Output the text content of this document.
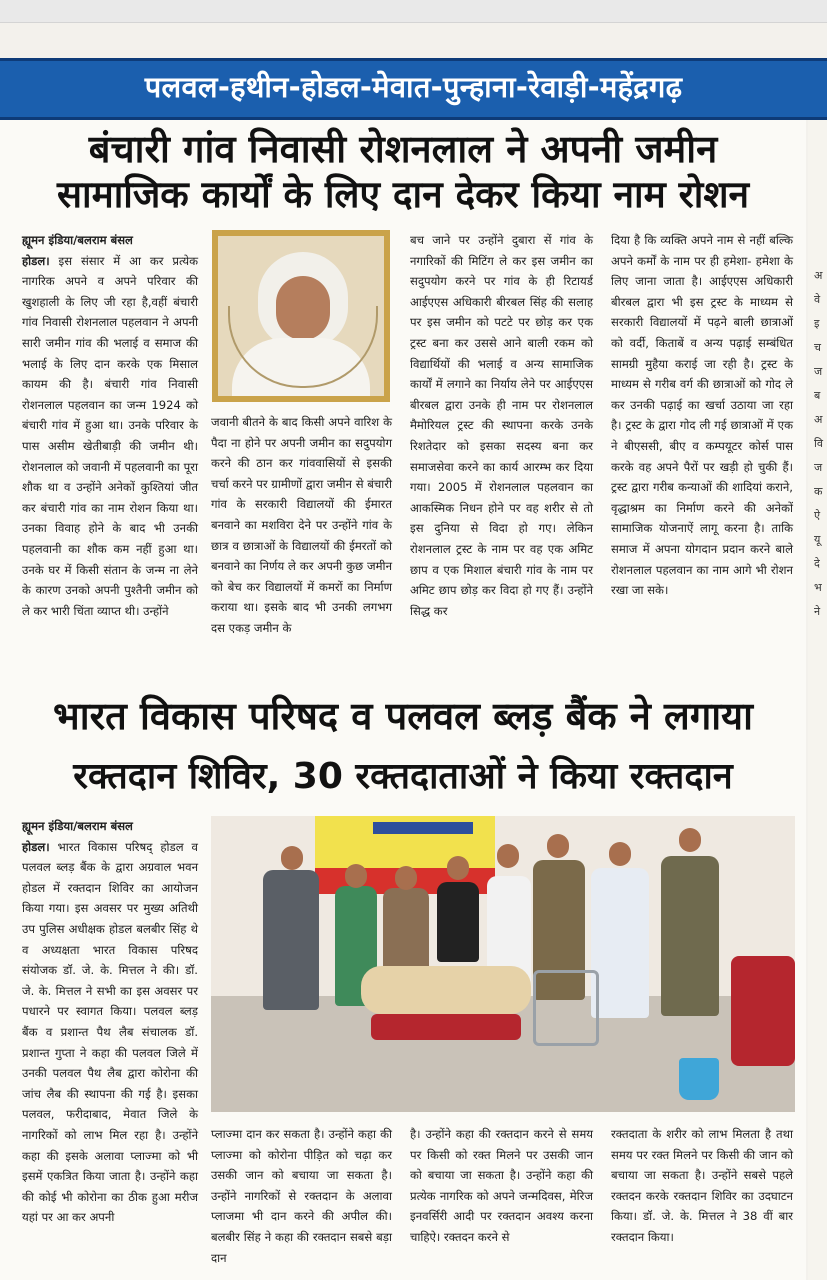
पलवल-हथीन-होडल-मेवात-पुन्हाना-रेवाड़ी-महेंद्रगढ़
अ
वे
इ
च
ज
ब
अ
वि
ज
क
ऐ
यू
दे
भ
ने
बंचारी गांव निवासी रोशनलाल ने अपनी जमीन
सामाजिक कार्यों के लिए दान देकर किया नाम रोशन

ह्यूमन इंडिया/बलराम बंसल

होडल। इस संसार में आ कर प्रत्येक नागरिक अपने व अपने परिवार की खुशहाली के लिए जी रहा है,वहीं बंचारी गांव निवासी रोशनलाल पहलवान ने अपनी सारी जमीन गांव की भलाई व समाज की भलाई के लिए दान करके एक मिसाल कायम की है। बंचारी गांव निवासी रोशनलाल पहलवान का जन्म 1924 को बंचारी गांव में हुआ था। उनके परिवार के पास असीम खेतीबाड़ी की जमीन थी। रोशनलाल को जवानी में पहलवानी का पूरा शौक था व उन्होंने अनेकों कुश्तियां जीत कर बंचारी गांव का नाम रोशन किया था। उनका विवाह होने के बाद भी उनकी पहलवानी का शौक कम नहीं हुआ था। उनके घर में किसी संतान के जन्म ना लेने के कारण उनको अपनी पुश्तैनी जमीन को ले कर भारी चिंता व्याप्त थी। उन्होंने

जवानी बीतने के बाद किसी अपने वारिश के पैदा ना होने पर अपनी जमीन का सदुपयोग करने की ठान कर गांववासियों से इसकी चर्चा करने पर ग्रामीणों द्वारा जमीन से बंचारी गांव के सरकारी विद्यालयों की ईमारत बनवाने का मशविरा देने पर उन्होंने गांव के छात्र व छात्राओं के विद्यालयों की ईमरतों को बनवाने का निर्णय ले कर अपनी कुछ जमीन को बेच कर विद्यालयों में कमरों का निर्माण कराया था। इसके बाद भी उनकी लगभग दस एकड़ जमीन के

बच जाने पर उन्होंने दुबारा सें गांव के नगारिकों की मिटिंग ले कर इस जमीन का सदुपयोग करने पर गांव के ही रिटायर्ड आईएएस अधिकारी बीरबल सिंह की सलाह पर इस जमीन को पटटे पर छोड़ कर एक ट्रस्ट बना कर उससे आने बाली रकम को विद्यार्थियों की भलाई व अन्य सामाजिक कार्यों में लगाने का निर्याय लेने पर आईएएस बीरबल द्वारा उनके ही नाम पर रोशनलाल मैमोरियल ट्रस्ट की स्थापना करके उनके रिशतेदार को इसका सदस्य बना कर समाजसेवा करने का कार्य आरम्भ कर दिया गया। 2005 में रोशनलाल पहलवान का आकस्मिक निधन होने पर वह शरीर से तो इस दुनिया से विदा हो गए। लेकिन रोशनलाल ट्रस्ट के नाम पर वह एक अमिट छाप व एक मिशाल बंचारी गांव के नाम पर अमिट छाप छोड़ कर विदा हो गए हैं। उन्होंने सिद्ध कर

दिया है कि व्यक्ति अपने नाम से नहीं बल्कि अपने कर्मों के नाम पर ही हमेशा- हमेशा के लिए जाना जाता है। आईएएस अधिकारी बीरबल द्वारा भी इस ट्रस्ट के माध्यम से सरकारी विद्यालयों में पढ़ने बाली छात्राओं को वर्दी, किताबें व अन्य पढ़ाई सम्बंधित सामग्री मुहैया कराई जा रही है। ट्रस्ट के माध्यम से गरीब वर्ग की छात्राओं को गोद ले कर उनकी पढ़ाई का खर्चा उठाया जा रहा है। ट्रस्ट के द्वारा गोद ली गई छात्राओं में एक ने बीएससी, बीए व कम्पयूटर कोर्स पास करके वह अपने पैरों पर खड़ी हो चुकी हैं। ट्रस्ट द्वारा गरीब कन्याओं की शादियां कराने, वृद्धाश्रम का निर्माण करने की अनेकों सामाजिक योजनाऐं लागू करना है। ताकि समाज में अपना योगदान प्रदान करने बाले रोशनलाल पहलवान का नाम आगे भी रोशन रखा जा सके।

भारत विकास परिषद व पलवल ब्लड़ बैंक ने लगाया
रक्तदान शिविर, 30 रक्तदाताओं ने किया रक्तदान

ह्यूमन इंडिया/बलराम बंसल

होडल। भारत विकास परिषद् होडल व पलवल ब्लड़ बैंक के द्वारा अग्रवाल भवन होडल में रक्तदान शिविर का आयोजन किया गया। इस अवसर पर मुख्य अतिथी उप पुलिस अधीक्षक होडल बलबीर सिंह थे व अध्यक्षता भारत विकास परिषद संयोजक डॉ. जे. के. मित्तल ने की। डॉ. जे. के. मित्तल ने सभी का इस अवसर पर पधारने पर स्वागत किया। पलवल ब्लड़ बैंक व प्रशान्त पैथ लैब संचालक डॉ. प्रशान्त गुप्ता ने कहा की पलवल जिले में उनकी पलवल पैथ लैब द्वारा कोरोना की जांच लैब की स्थापना की गई है। इसका पलवल, फरीदाबाद, मेवात जिले के नागरिकों को लाभ मिल रहा है। उन्होंने कहा की इसके अलावा प्लाज्मा को भी इसमें एकत्रित किया जाता है। उन्होंने कहा की कोई भी कोरोना का ठीक हुआ मरीज यहां पर आ कर अपनी

प्लाज्मा दान कर सकता है। उन्होंने कहा की प्लाज्मा को कोरोना पीड़ित को चढ़ा कर उसकी जान को बचाया जा सकता है। उन्होंने नागरिकों से रक्तदान के अलावा प्लाजमा भी दान करने की अपील की। बलबीर सिंह ने कहा की रक्तदान सबसे बड़ा दान

है। उन्होंने कहा की रक्तदान करने से समय पर किसी को रक्त मिलने पर उसकी जान को बचाया जा सकता है। उन्होंने कहा की प्रत्येक नागरिक को अपने जन्मदिवस, मेरिज इनवर्सिरी आदी पर रक्तदान अवश्य करना चाहिऐ। रक्तदन करने से

रक्तदाता के शरीर को लाभ मिलता है तथा समय पर रक्त मिलने पर किसी की जान को बचाया जा सकता है। उन्होंने सबसे पहले रक्तदन करके रक्तदान शिविर का उदघाटन किया। डॉ. जे. के. मित्तल ने 38 वीं बार रक्तदान किया।
